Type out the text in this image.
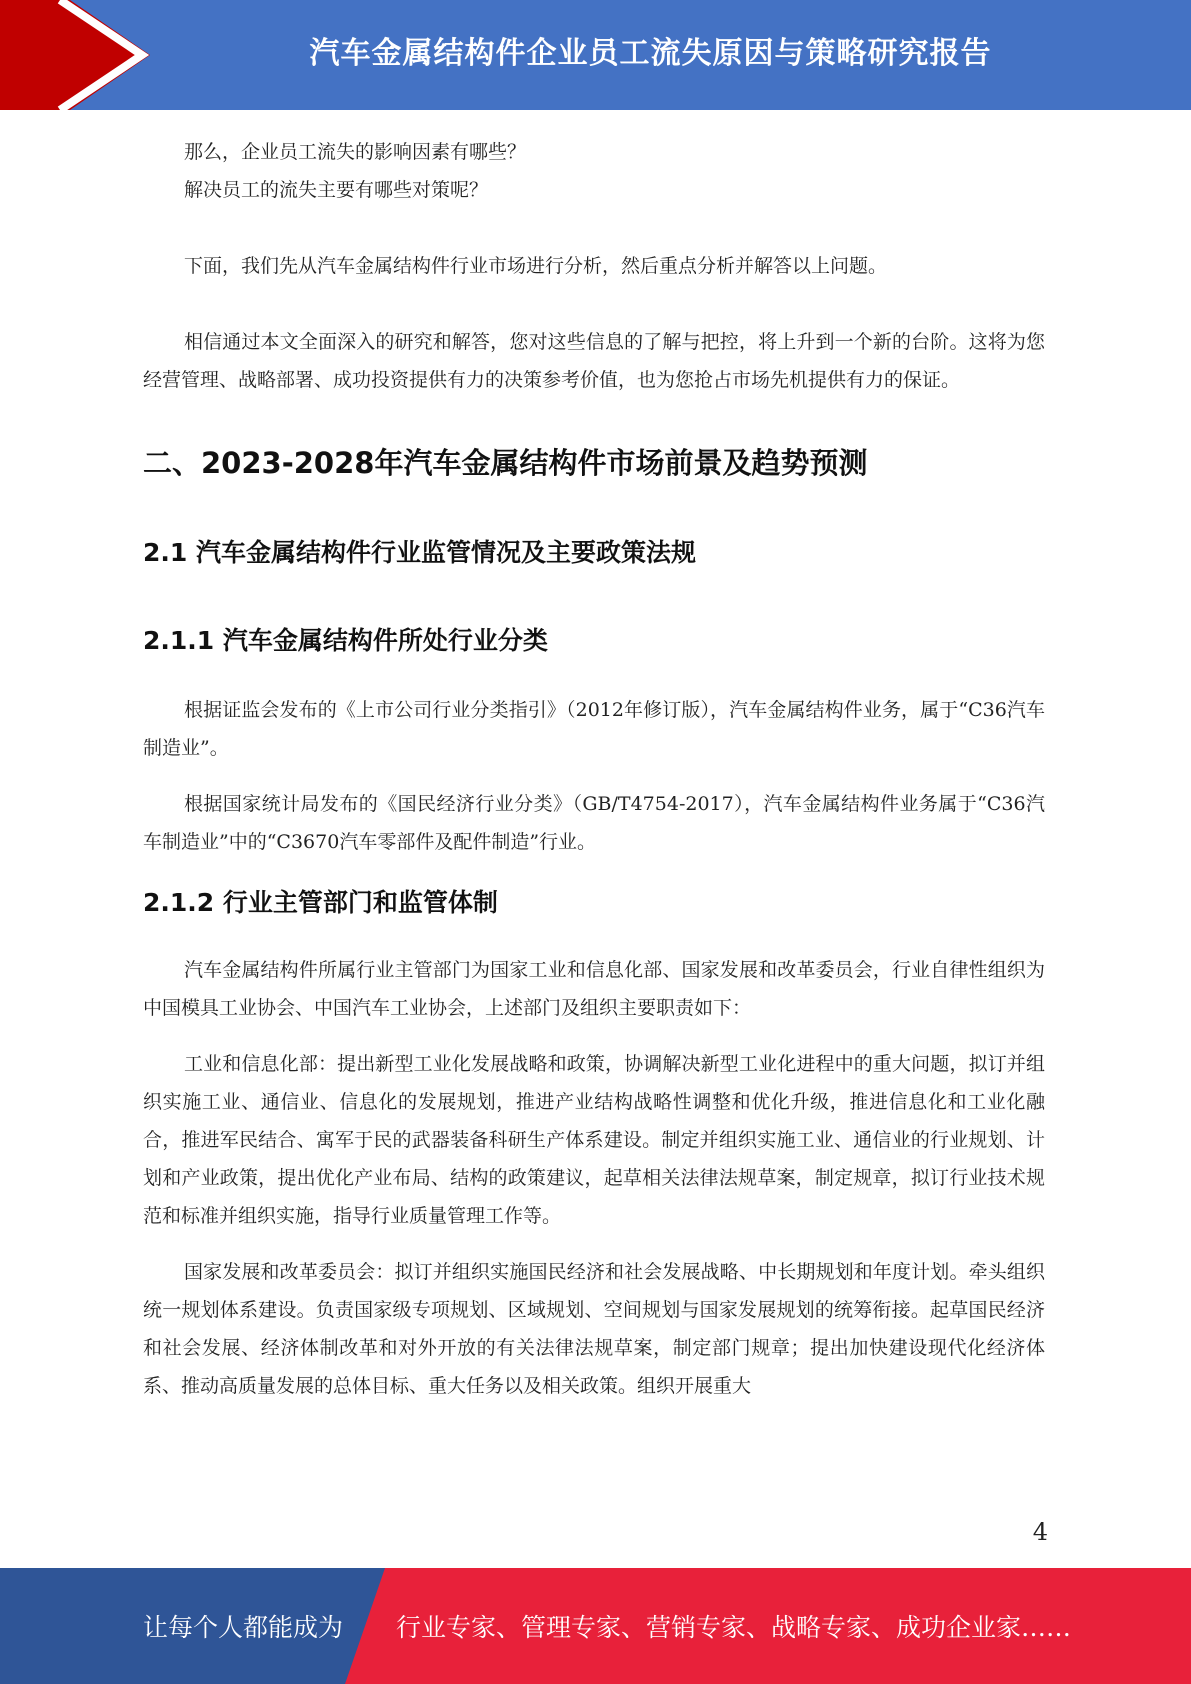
汽车金属结构件企业员工流失原因与策略研究报告

那么，企业员工流失的影响因素有哪些？

解决员工的流失主要有哪些对策呢？

下面，我们先从汽车金属结构件行业市场进行分析，然后重点分析并解答以上问题。

相信通过本文全面深入的研究和解答，您对这些信息的了解与把控，将上升到一个新的台阶。这将为您经营管理、战略部署、成功投资提供有力的决策参考价值，也为您抢占市场先机提供有力的保证。

二、2023-2028年汽车金属结构件市场前景及趋势预测
2.1 汽车金属结构件行业监管情况及主要政策法规
2.1.1 汽车金属结构件所处行业分类

根据证监会发布的《上市公司行业分类指引》（2012年修订版），汽车金属结构件业务，属于“C36汽车制造业”。

根据国家统计局发布的《国民经济行业分类》（GB/T4754-2017），汽车金属结构件业务属于“C36汽车制造业”中的“C3670汽车零部件及配件制造”行业。

2.1.2 行业主管部门和监管体制

汽车金属结构件所属行业主管部门为国家工业和信息化部、国家发展和改革委员会，行业自律性组织为中国模具工业协会、中国汽车工业协会，上述部门及组织主要职责如下：

工业和信息化部：提出新型工业化发展战略和政策，协调解决新型工业化进程中的重大问题，拟订并组织实施工业、通信业、信息化的发展规划，推进产业结构战略性调整和优化升级，推进信息化和工业化融合，推进军民结合、寓军于民的武器装备科研生产体系建设。制定并组织实施工业、通信业的行业规划、计划和产业政策，提出优化产业布局、结构的政策建议，起草相关法律法规草案，制定规章，拟订行业技术规范和标准并组织实施，指导行业质量管理工作等。

国家发展和改革委员会：拟订并组织实施国民经济和社会发展战略、中长期规划和年度计划。牵头组织统一规划体系建设。负责国家级专项规划、区域规划、空间规划与国家发展规划的统筹衔接。起草国民经济和社会发展、经济体制改革和对外开放的有关法律法规草案，制定部门规章；提出加快建设现代化经济体系、推动高质量发展的总体目标、重大任务以及相关政策。组织开展重大

4
让每个人都能成为 行业专家、管理专家、营销专家、战略专家、成功企业家……
